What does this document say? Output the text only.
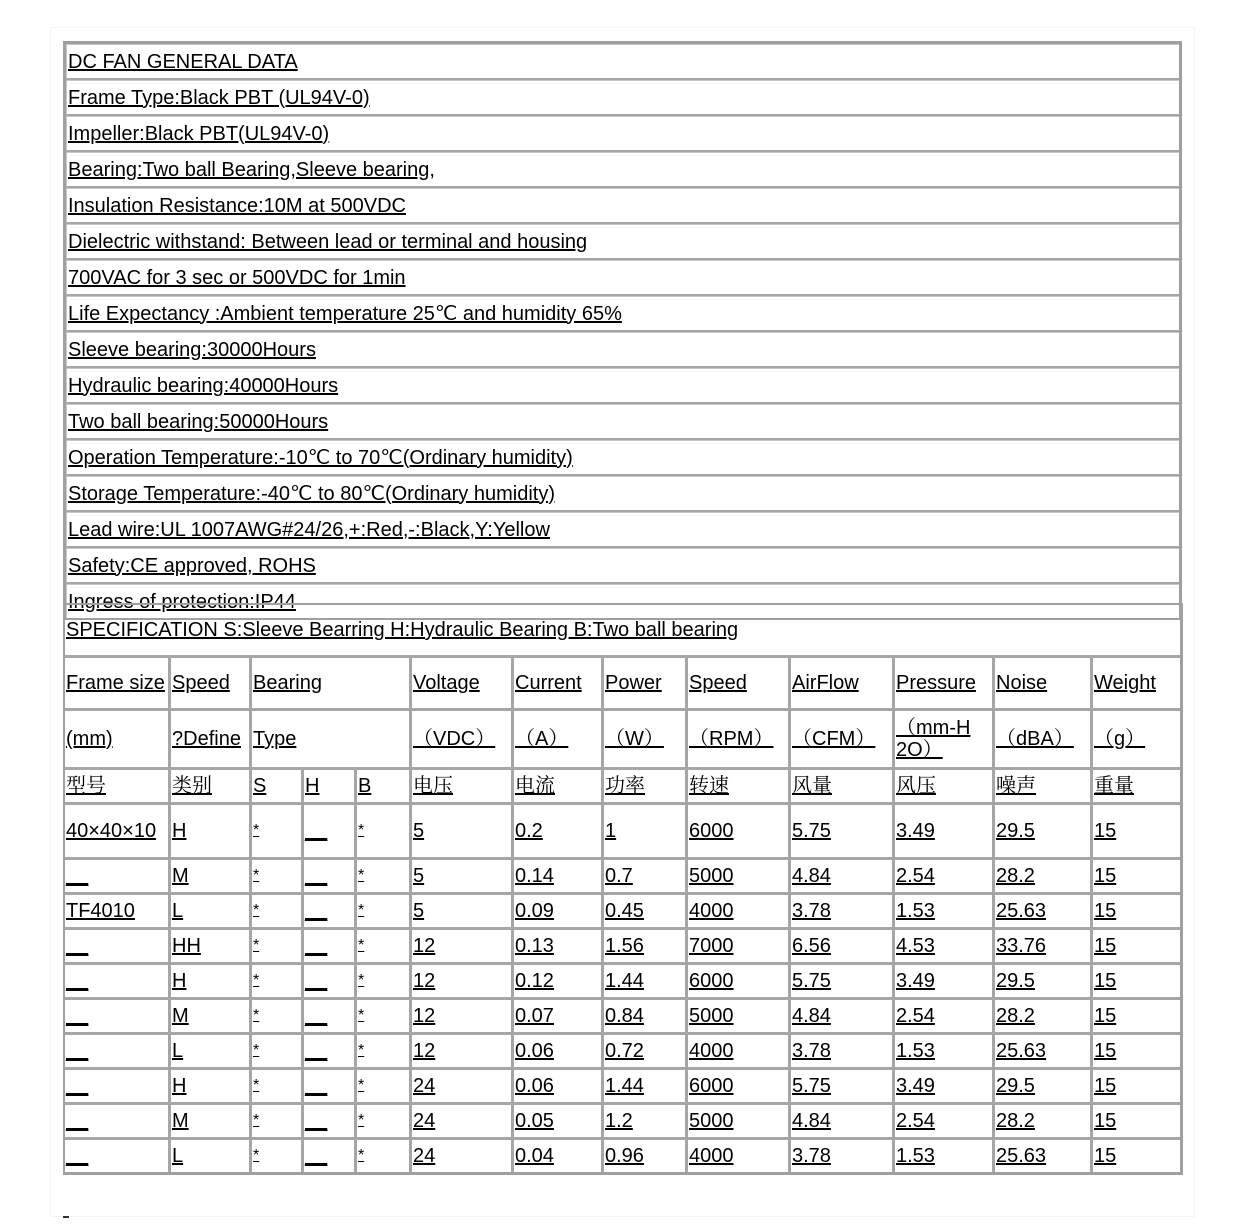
DC FAN GENERAL DATA
Frame Type:Black PBT (UL94V-0)
Impeller:Black PBT(UL94V-0)
Bearing:Two ball Bearing,Sleeve bearing,
Insulation Resistance:10M at 500VDC
Dielectric withstand: Between lead or terminal and housing
700VAC for 3 sec or 500VDC for 1min
Life Expectancy :Ambient temperature 25℃ and humidity 65%
Sleeve bearing:30000Hours
Hydraulic bearing:40000Hours
Two ball bearing:50000Hours
Operation Temperature:-10℃ to 70℃(Ordinary humidity)
Storage Temperature:-40℃ to 80℃(Ordinary humidity)
Lead wire:UL 1007AWG#24/26,+:Red,-:Black,Y:Yellow
Safety:CE approved, ROHS
Ingress of protection:IP44
SPECIFICATION S:Sleeve Bearring H:Hydraulic Bearing B:Two ball bearing												
Frame size	Speed	Bearing			Voltage	Current	Power	Speed	AirFlow	Pressure	Noise	Weight
(mm)	?Define	Type			（VDC）	（A）	（W）	（RPM）	（CFM）	（mm-H2O）	（dBA）	（g）
型号	类别	S	H	B	电压	电流	功率	转速	风量	风压	噪声	重量
40×40×10	H	*	__	*	5	0.2	1	6000	5.75	3.49	29.5	15
__	M	*	__	*	5	0.14	0.7	5000	4.84	2.54	28.2	15
TF4010	L	*	__	*	5	0.09	0.45	4000	3.78	1.53	25.63	15
__	HH	*	__	*	12	0.13	1.56	7000	6.56	4.53	33.76	15
__	H	*	__	*	12	0.12	1.44	6000	5.75	3.49	29.5	15
__	M	*	__	*	12	0.07	0.84	5000	4.84	2.54	28.2	15
__	L	*	__	*	12	0.06	0.72	4000	3.78	1.53	25.63	15
__	H	*	__	*	24	0.06	1.44	6000	5.75	3.49	29.5	15
__	M	*	__	*	24	0.05	1.2	5000	4.84	2.54	28.2	15
__	L	*	__	*	24	0.04	0.96	4000	3.78	1.53	25.63	15
